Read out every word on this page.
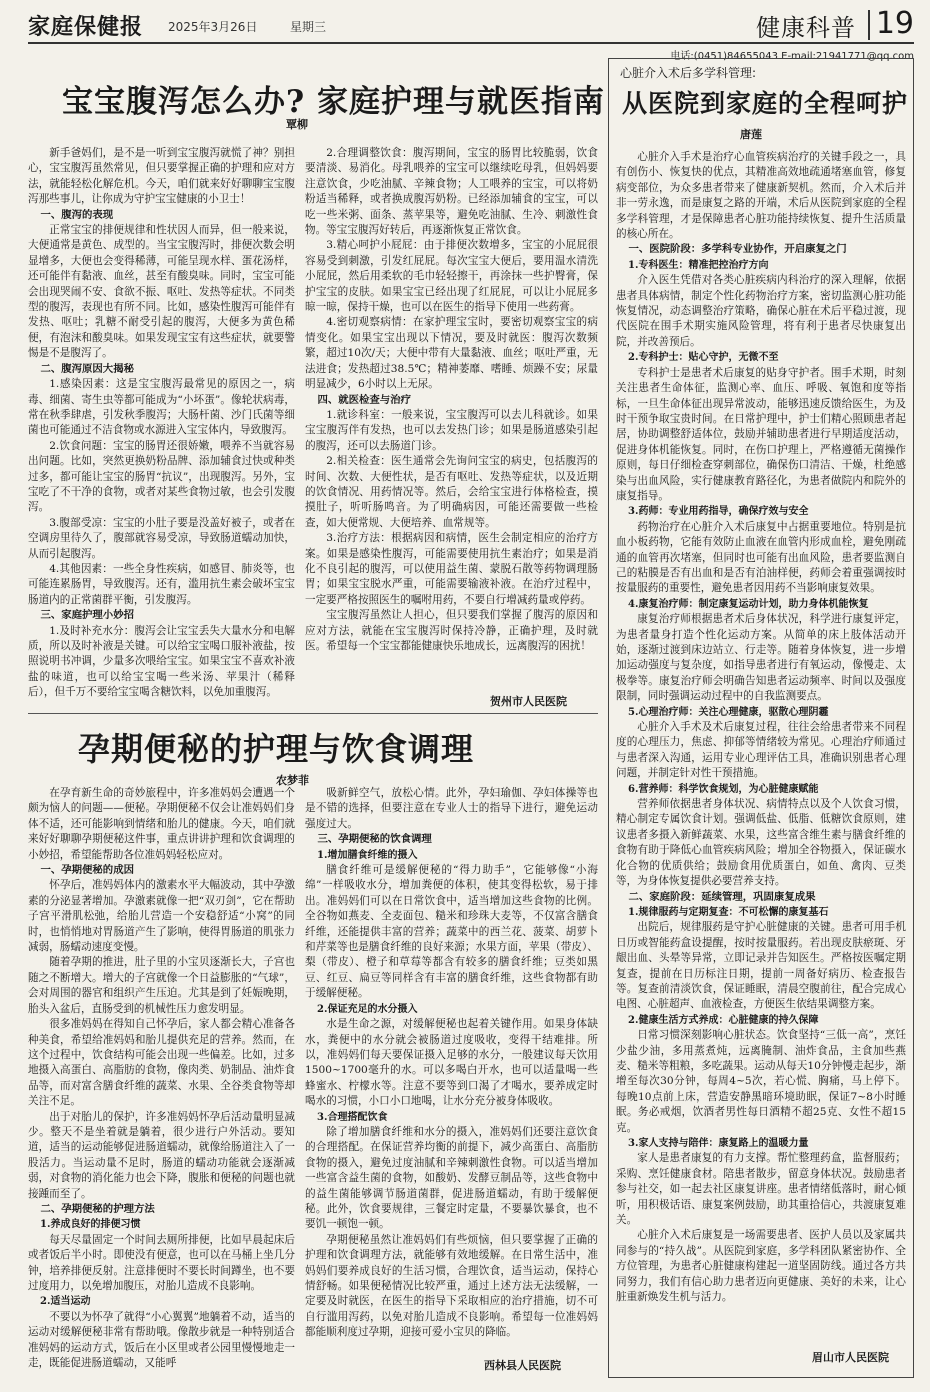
家庭保健报 2025年3月26日	星期三	健康科普 19
电话:(0451)84655043 E-mail:21941771@qq.com
宝宝腹泻怎么办? 家庭护理与就医指南
覃柳

新手爸妈们，是不是一听到宝宝腹泻就慌了神？别担心，宝宝腹泻虽然常见，但只要掌握正确的护理和应对方法，就能轻松化解危机。今天，咱们就来好好聊聊宝宝腹泻那些事儿，让你成为守护宝宝健康的小卫士！

一、腹泻的表现

正常宝宝的排便规律和性状因人而异，但一般来说，大便通常是黄色、成型的。当宝宝腹泻时，排便次数会明显增多，大便也会变得稀薄，可能呈现水样、蛋花汤样，还可能伴有黏液、血丝，甚至有酸臭味。同时，宝宝可能会出现哭闹不安、食欲不振、呕吐、发热等症状。不同类型的腹泻，表现也有所不同。比如，感染性腹泻可能伴有发热、呕吐；乳糖不耐受引起的腹泻，大便多为黄色稀便，有泡沫和酸臭味。如果发现宝宝有这些症状，就要警惕是不是腹泻了。

二、腹泻原因大揭秘

1.感染因素：这是宝宝腹泻最常见的原因之一，病毒、细菌、寄生虫等都可能成为“小坏蛋”。像轮状病毒，常在秋季肆虐，引发秋季腹泻；大肠杆菌、沙门氏菌等细菌也可能通过不洁食物或水源进入宝宝体内，导致腹泻。

2.饮食问题：宝宝的肠胃还很娇嫩，喂养不当就容易出问题。比如，突然更换奶粉品牌、添加辅食过快或种类过多，都可能让宝宝的肠胃“抗议”，出现腹泻。另外，宝宝吃了不干净的食物，或者对某些食物过敏，也会引发腹泻。

3.腹部受凉：宝宝的小肚子要是没盖好被子，或者在空调房里待久了，腹部就容易受凉，导致肠道蠕动加快，从而引起腹泻。

4.其他因素：一些全身性疾病，如感冒、肺炎等，也可能连累肠胃，导致腹泻。还有，滥用抗生素会破坏宝宝肠道内的正常菌群平衡，引发腹泻。

三、家庭护理小妙招

1.及时补充水分：腹泻会让宝宝丢失大量水分和电解质，所以及时补液是关键。可以给宝宝喝口服补液盐，按照说明书冲调，少量多次喂给宝宝。如果宝宝不喜欢补液盐的味道，也可以给宝宝喝一些米汤、苹果汁（稀释后），但千万不要给宝宝喝含糖饮料，以免加重腹泻。

2.合理调整饮食：腹泻期间，宝宝的肠胃比较脆弱，饮食要清淡、易消化。母乳喂养的宝宝可以继续吃母乳，但妈妈要注意饮食，少吃油腻、辛辣食物；人工喂养的宝宝，可以将奶粉适当稀释，或者换成腹泻奶粉。已经添加辅食的宝宝，可以吃一些米粥、面条、蒸苹果等，避免吃油腻、生冷、刺激性食物。等宝宝腹泻好转后，再逐渐恢复正常饮食。

3.精心呵护小屁屁：由于排便次数增多，宝宝的小屁屁很容易受到刺激，引发红屁屁。每次宝宝大便后，要用温水清洗小屁屁，然后用柔软的毛巾轻轻擦干，再涂抹一些护臀膏，保护宝宝的皮肤。如果宝宝已经出现了红屁屁，可以让小屁屁多晾一晾，保持干燥，也可以在医生的指导下使用一些药膏。

4.密切观察病情：在家护理宝宝时，要密切观察宝宝的病情变化。如果宝宝出现以下情况，要及时就医：腹泻次数频繁，超过10次/天；大便中带有大量黏液、血丝；呕吐严重，无法进食；发热超过38.5℃；精神萎靡、嗜睡、烦躁不安；尿量明显减少，6小时以上无尿。

四、就医检查与治疗

1.就诊科室：一般来说，宝宝腹泻可以去儿科就诊。如果宝宝腹泻伴有发热，也可以去发热门诊；如果是肠道感染引起的腹泻，还可以去肠道门诊。

2.相关检查：医生通常会先询问宝宝的病史，包括腹泻的时间、次数、大便性状，是否有呕吐、发热等症状，以及近期的饮食情况、用药情况等。然后，会给宝宝进行体格检查，摸摸肚子，听听肠鸣音。为了明确病因，可能还需要做一些检查，如大便常规、大便培养、血常规等。

3.治疗方法：根据病因和病情，医生会制定相应的治疗方案。如果是感染性腹泻，可能需要使用抗生素治疗；如果是消化不良引起的腹泻，可以使用益生菌、蒙脱石散等药物调理肠胃；如果宝宝脱水严重，可能需要输液补液。在治疗过程中，一定要严格按照医生的嘱咐用药，不要自行增减药量或停药。

宝宝腹泻虽然让人担心，但只要我们掌握了腹泻的原因和应对方法，就能在宝宝腹泻时保持冷静，正确护理，及时就医。希望每一个宝宝都能健康快乐地成长，远离腹泻的困扰！

贺州市人民医院
孕期便秘的护理与饮食调理
农梦菲

在孕育新生命的奇妙旅程中，许多准妈妈会遭遇一个颇为恼人的问题——便秘。孕期便秘不仅会让准妈妈们身体不适，还可能影响到情绪和胎儿的健康。今天，咱们就来好好聊聊孕期便秘这件事，重点讲讲护理和饮食调理的小妙招，希望能帮助各位准妈妈轻松应对。

一、孕期便秘的成因

怀孕后，准妈妈体内的激素水平大幅波动，其中孕激素的分泌显著增加。孕激素就像一把“双刃剑”，它在帮助子宫平滑肌松弛，给胎儿营造一个安稳舒适“小窝”的同时，也悄悄地对胃肠道产生了影响，使得胃肠道的肌张力减弱，肠蠕动速度变慢。

随着孕期的推进，肚子里的小宝贝逐渐长大，子宫也随之不断增大。增大的子宫就像一个日益膨胀的“气球”，会对周围的器官和组织产生压迫。尤其是到了妊娠晚期，胎头入盆后，直肠受到的机械性压力愈发明显。

很多准妈妈在得知自己怀孕后，家人都会精心准备各种美食，希望给准妈妈和胎儿提供充足的营养。然而，在这个过程中，饮食结构可能会出现一些偏差。比如，过多地摄入高蛋白、高脂肪的食物，像肉类、奶制品、油炸食品等，而对富含膳食纤维的蔬菜、水果、全谷类食物等却关注不足。

出于对胎儿的保护，许多准妈妈怀孕后活动量明显减少。整天不是坐着就是躺着，很少进行户外活动。要知道，适当的运动能够促进肠道蠕动，就像给肠道注入了一股活力。当运动量不足时，肠道的蠕动功能就会逐渐减弱，对食物的消化能力也会下降，腹胀和便秘的问题也就接踵而至了。

二、孕期便秘的护理方法

1.养成良好的排便习惯

每天尽量固定一个时间去厕所排便，比如早晨起床后或者饭后半小时。即使没有便意，也可以在马桶上坐几分钟，培养排便反射。注意排便时不要长时间蹲坐，也不要过度用力，以免增加腹压，对胎儿造成不良影响。

2.适当运动

不要以为怀孕了就得“小心翼翼”地躺着不动，适当的运动对缓解便秘非常有帮助哦。像散步就是一种特别适合准妈妈的运动方式，饭后在小区里或者公园里慢慢地走一走，既能促进肠道蠕动，又能呼

吸新鲜空气，放松心情。此外，孕妇瑜伽、孕妇体操等也是不错的选择，但要注意在专业人士的指导下进行，避免运动强度过大。

三、孕期便秘的饮食调理

1.增加膳食纤维的摄入

膳食纤维可是缓解便秘的“得力助手”，它能够像“小海绵”一样吸收水分，增加粪便的体积，使其变得松软，易于排出。准妈妈们可以在日常饮食中，适当增加这些食物的比例。全谷物如燕麦、全麦面包、糙米和珍珠大麦等，不仅富含膳食纤维，还能提供丰富的营养；蔬菜中的西兰花、菠菜、胡萝卜和芹菜等也是膳食纤维的良好来源；水果方面，苹果（带皮）、梨（带皮）、橙子和草莓等都含有较多的膳食纤维；豆类如黑豆、红豆、扁豆等同样含有丰富的膳食纤维，这些食物都有助于缓解便秘。

2.保证充足的水分摄入

水是生命之源，对缓解便秘也起着关键作用。如果身体缺水，粪便中的水分就会被肠道过度吸收，变得干结难排。所以，准妈妈们每天要保证摄入足够的水分，一般建议每天饮用1500~1700毫升的水。可以多喝白开水，也可以适量喝一些蜂蜜水、柠檬水等。注意不要等到口渴了才喝水，要养成定时喝水的习惯，小口小口地喝，让水分充分被身体吸收。

3.合理搭配饮食

除了增加膳食纤维和水分的摄入，准妈妈们还要注意饮食的合理搭配。在保证营养均衡的前提下，减少高蛋白、高脂肪食物的摄入，避免过度油腻和辛辣刺激性食物。可以适当增加一些富含益生菌的食物，如酸奶、发酵豆制品等，这些食物中的益生菌能够调节肠道菌群，促进肠道蠕动，有助于缓解便秘。此外，饮食要规律，三餐定时定量，不要暴饮暴食，也不要饥一顿饱一顿。

孕期便秘虽然让准妈妈们有些烦恼，但只要掌握了正确的护理和饮食调理方法，就能够有效地缓解。在日常生活中，准妈妈们要养成良好的生活习惯，合理饮食，适当运动，保持心情舒畅。如果便秘情况比较严重，通过上述方法无法缓解，一定要及时就医，在医生的指导下采取相应的治疗措施，切不可自行滥用泻药，以免对胎儿造成不良影响。希望每一位准妈妈都能顺利度过孕期，迎接可爱小宝贝的降临。

西林县人民医院
心脏介入术后多学科管理:
从医院到家庭的全程呵护
唐莲

心脏介入手术是治疗心血管疾病治疗的关键手段之一，具有创伤小、恢复快的优点，其精准高效地疏通堵塞血管，修复病变部位，为众多患者带来了健康新契机。然而，介入术后并非一劳永逸，而是康复之路的开端，术后从医院到家庭的全程多学科管理，才是保障患者心脏功能持续恢复、提升生活质量的核心所在。

一、医院阶段：多学科专业协作，开启康复之门

1.专科医生：精准把控治疗方向

介入医生凭借对各类心脏疾病内科治疗的深入理解，依据患者具体病情，制定个性化药物治疗方案，密切监测心脏功能恢复情况，动态调整治疗策略，确保心脏在术后平稳过渡，现代医院在围手术期实施风险管理，将有利于患者尽快康复出院，并改善预后。

2.专科护士：贴心守护，无微不至

专科护士是患者术后康复的贴身守护者。围手术期，时刻关注患者生命体征，监测心率、血压、呼吸、氧饱和度等指标，一旦生命体征出现异常波动，能够迅速反馈给医生，为及时干预争取宝贵时间。在日常护理中，护士们精心照顾患者起居，协助调整舒适体位，鼓励并辅助患者进行早期适度活动，促进身体机能恢复。同时，在伤口护理上，严格遵循无菌操作原则，每日仔细检查穿刺部位，确保伤口清洁、干燥，杜绝感染与出血风险，实行健康教育路径化，为患者做院内和院外的康复指导。

3.药师：专业用药指导，确保疗效与安全

药物治疗在心脏介入术后康复中占据重要地位。特别是抗血小板药物，它能有效防止血液在血管内形成血栓，避免刚疏通的血管再次堵塞，但同时也可能有出血风险，患者要监测自己的粘膜是否有出血和是否有泊油样便，药师会着重强调按时按量服药的重要性，避免患者因用药不当影响康复效果。

4.康复治疗师：制定康复运动计划，助力身体机能恢复

康复治疗师根据患者术后身体状况，科学进行康复评定，为患者量身打造个性化运动方案。从简单的床上肢体活动开始，逐渐过渡到床边站立、行走等。随着身体恢复，进一步增加运动强度与复杂度，如指导患者进行有氧运动，像慢走、太极拳等。康复治疗师会明确告知患者运动频率、时间以及强度限制，同时强调运动过程中的自我监测要点。

5.心理治疗师：关注心理健康，驱散心理阴霾

心脏介入手术及术后康复过程，往往会给患者带来不同程度的心理压力，焦虑、抑郁等情绪较为常见。心理治疗师通过与患者深入沟通，运用专业心理评估工具，准确识别患者心理问题，并制定针对性干预措施。

6.营养师：科学饮食规划，为心脏健康赋能

营养师依据患者身体状况、病情特点以及个人饮食习惯，精心制定专属饮食计划。强调低盐、低脂、低糖饮食原则，建议患者多摄入新鲜蔬菜、水果，这些富含维生素与膳食纤维的食物有助于降低心血管疾病风险；增加全谷物摄入，保证碳水化合物的优质供给；鼓励食用优质蛋白，如鱼、禽肉、豆类等，为身体恢复提供必要营养支持。

二、家庭阶段：延续管理，巩固康复成果

1.规律服药与定期复查：不可松懈的康复基石

出院后，规律服药是守护心脏健康的关键。患者可用手机日历或智能药盒设提醒，按时按量服药。若出现皮肤瘀斑、牙龈出血、头晕等异常，立即记录并告知医生。严格按医嘱定期复查，提前在日历标注日期，提前一周备好病历、检查报告等。复查前清淡饮食，保证睡眠，清晨空腹前往，配合完成心电图、心脏超声、血液检查，方便医生依结果调整方案。

2.健康生活方式养成：心脏健康的持久保障

日常习惯深刻影响心脏状态。饮食坚持“三低一高”，烹饪少盐少油，多用蒸煮炖，远离腌制、油炸食品，主食加些燕麦、糙米等粗粮，多吃蔬果。运动从每天10分钟慢走起步，渐增至每次30分钟，每周4~5次，若心慌、胸痛，马上停下。每晚10点前上床，营造安静黑暗环境助眠，保证7~8小时睡眠。务必戒烟，饮酒者男性每日酒精不超25克、女性不超15克。

3.家人支持与陪伴：康复路上的温暖力量

家人是患者康复的有力支撑。帮忙整理药盒，监督服药；采购、烹饪健康食材。陪患者散步，留意身体状况。鼓励患者参与社交，如一起去社区康复讲座。患者情绪低落时，耐心倾听，用积极话语、康复案例鼓励，助其重拾信心，共渡康复难关。

心脏介入术后康复是一场需要患者、医护人员以及家属共同参与的“持久战”。从医院到家庭，多学科团队紧密协作、全方位管理，为患者心脏健康构建起一道坚固防线。通过各方共同努力，我们有信心助力患者迈向更健康、美好的未来，让心脏重新焕发生机与活力。

眉山市人民医院
